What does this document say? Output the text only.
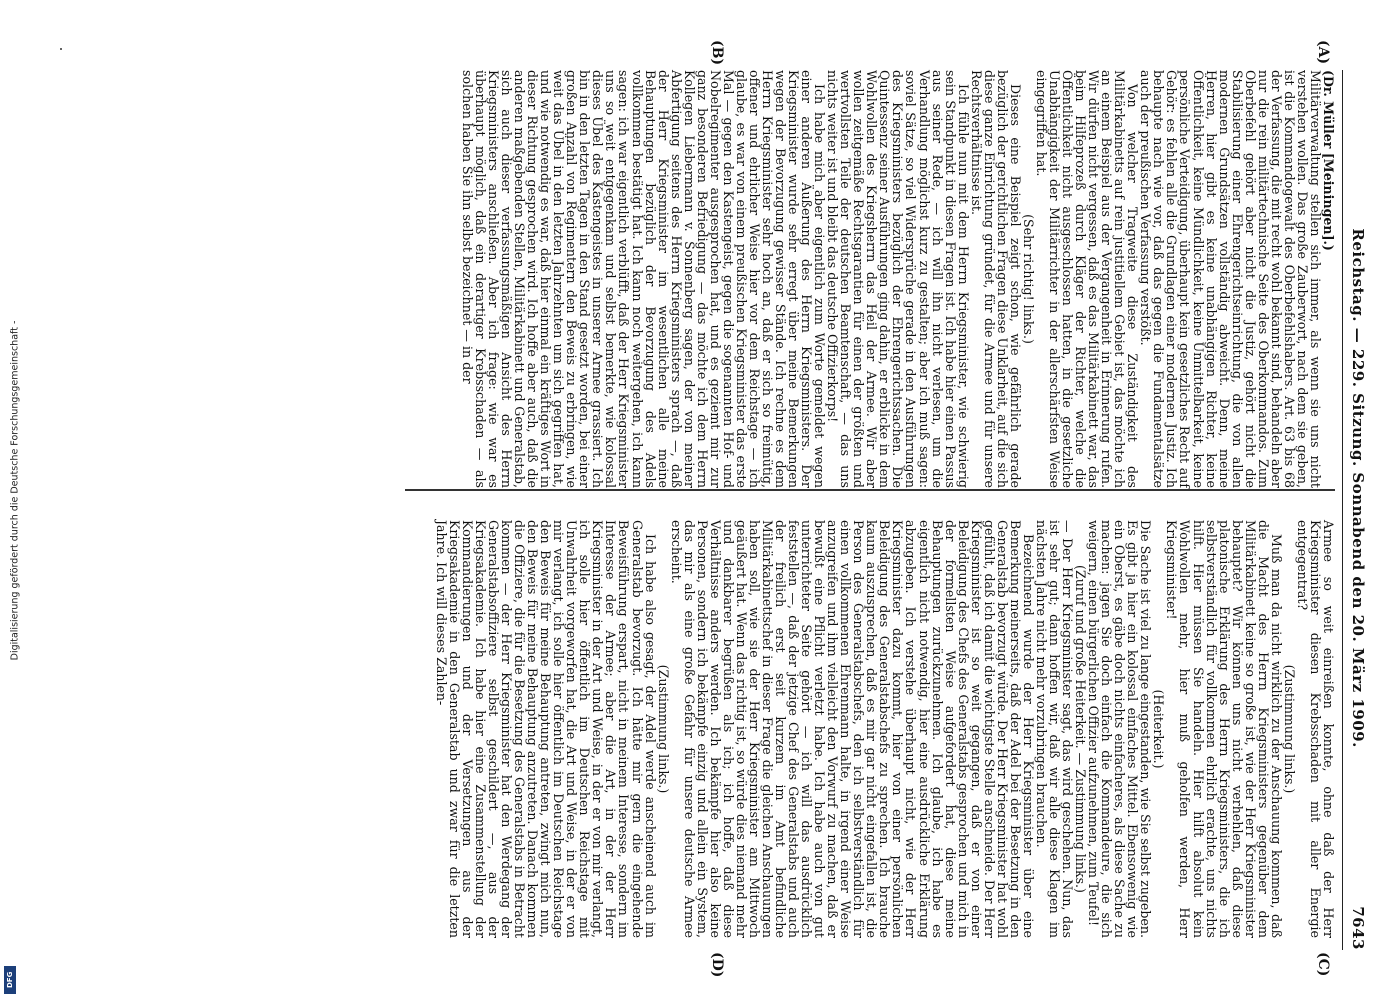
Reichstag. — 229. Sitzung. Sonnabend den 20. März 1909.
7643
(A)
(B)
(C)
(D)

(Dr. Müller [Meiningen].)

Militärverwaltung stellen sich immer, als wenn sie uns nicht verstehen wollen. Das große Zauberwort, nach dem sie geben, ist die Kommandogewalt des Oberbefehlshabers. Art. 63 bis 68 der Verfassung, die mit recht wohl bekannt sind, behandeln aber nur die rein militärtechnische Seite des Oberkommandos. Zum Oberbefehl gehört aber nicht die Justiz, gehört nicht die Stabilisierung einer Ehrengerichtseinrichtung, die von allen modernen Grundsätzen vollständig abweicht. Denn, meine Herren, hier gibt es keine unabhängigen Richter, keine Öffentlichkeit, keine Mündlichkeit, keine Unmittelbarkeit, keine persönliche Verteidigung, überhaupt kein gesetzliches Recht auf Gehör: es fehlen alle die Grundlagen einer modernen Justiz. Ich behaupte nach wie vor, daß das gegen die Fundamentalsätze auch der preußischen Verfassung verstößt.

Von welcher Tragweite diese Zuständigkeit des Militärkabinetts auf rein justitiellem Gebiet ist, das möchte ich an einem Beispiel aus der Vergangenheit in Erinnerung rufen. Wir dürfen nicht vergessen, daß es das Militärkabinett war, das beim Hilfeprozeß durch Kläger der Richter, welche die Öffentlichkeit nicht ausgeschlossen hatten, in die gesetzliche Unabhängigkeit der Militärrichter in der allerschärfsten Weise eingegriffen hat.

(Sehr richtig! links.)

Dieses eine Beispiel zeigt schon, wie gefährlich gerade bezüglich der gerichtlichen Fragen diese Unklarheit, auf die sich diese ganze Einrichtung gründet, für die Armee und für unsere Rechtsverhältnisse ist.

Ich fühle nun mit dem Herrn Kriegsminister, wie schwierig sein Standpunkt in diesen Fragen ist. Ich habe hier einen Passus aus seiner Rede, — ich will ihn nicht verlesen, um die Verhandlung möglichst kurz zu gestalten; aber ich muß sagen: soviel Sätze, so viel Widersprüche gerade in den Ausführungen des Kriegsministers bezüglich der Ehrengerichtssachen. Die Quintessenz seiner Ausführungen ging dahin, er erblicke in dem Wohlwollen des Kriegsherrn das Heil der Armee. Wir aber wollen zeitgemäße Rechtsgarantien für einen der größten und wertvollsten Teile der deutschen Beamtenschaft, — das uns nichts weiter ist und bleibt das deutsche Offizierkorps!

Ich habe mich aber eigentlich zum Worte gemeldet wegen einer anderen Äußerung des Herrn Kriegsministers. Der Kriegsminister wurde sehr erregt über meine Bemerkungen wegen der Bevorzugung gewisser Stände. Ich rechne es dem Herrn Kriegsminister sehr hoch an, daß er sich so freimütig, offener und ehrlicher Weise hier vor dem Reichstage — ich glaube, es war von einem preußischen Kriegsminister das erste Mal — gegen den Kastengeist, gegen die sogenannten Hof- und Nobelregimenter ausgesprochen hat, und es geziemt mir zur ganz besonderen Befriedigung — das möchte ich dem Herrn Kollegen Liebermann v. Sonnenberg sagen, der von meiner Abfertigung seitens des Herrn Kriegsministers sprach —, daß der Herr Kriegsminister im wesentlichen alle meine Behauptungen bezüglich der Bevorzugung des Adels vollkommen bestätigt hat. Ich kann noch weitergehen, ich kann sagen: ich war eigentlich verblüfft, daß der Herr Kriegsminister uns so weit entgegenkam und selbst bemerkte, wie kolossal dieses Übel des Kastengeistes in unserer Armee grassiert. Ich bin in den letzten Tagen in den Stand gesetzt worden, bei einer großen Anzahl von Regimentern den Beweis zu erbringen, wie weit das Übel in den letzten Jahrzehnten um sich gegriffen hat, und wie notwendig es war, daß hier einmal ein kräftiges Wort in dieser Richtung gesprochen wird. Ich hoffe aber auch, daß die anderen maßgebenden Stellen, Militärkabinett und Generalstab, sich auch dieser verfassungsmäßigen Ansicht des Herrn Kriegsministers anschließen. Aber ich frage: wie war es überhaupt möglich, daß ein derartiger Krebsschaden — als solchen haben Sie ihn selbst bezeichnet — in der

Armee so weit einreißen konnte, ohne daß der Herr Kriegsminister diesen Krebsschaden mit aller Energie entgegentrat?

(Zustimmung links.)

Muß man da nicht wirklich zu der Anschauung kommen, daß die Macht des Herrn Kriegsministers gegenüber dem Militärkabinett keine so große ist, wie der Herr Kriegsminister behauptet? Wir können uns nicht verhehlen, daß diese platonische Erklärung des Herrn Kriegsministers, die ich selbstverständlich für vollkommen ehrlich erachte, uns nichts hilft. Hier müssen Sie handeln. Hier hilft absolut kein Wohlwollen mehr, hier muß geholfen werden, Herr Kriegsminister!

(Heiterkeit.)

Die Sache ist viel zu lange eingestanden, wie Sie selbst zugeben. Es gibt ja hier ein kolossal einfaches Mittel. Ebensowenig wie ein Oberst, es gäbe doch nichts einfacheres, als diese Sache zu machen: jagen Sie doch einfach die Kommandeure, die sich weigern, einen bürgerlichen Offizier aufzunehmen, zum Teufel!

(Zuruf und große Heiterkeit. — Zustimmung links.)

— Der Herr Kriegsminister sagt, das wird geschehen. Nun, das ist sehr gut; dann hoffen wir, daß wir alle diese Klagen im nächsten Jahre nicht mehr vorzubringen brauchen.

Bezeichnend wurde der Herr Kriegsminister über eine Bemerkung meinerseits, daß der Adel bei der Besetzung in den Generalstab bevorzugt würde. Der Herr Kriegsminister hat wohl gefühlt, daß ich damit die wichtigste Stelle anschneide. Der Herr Kriegsminister ist so weit gegangen, daß er von einer Beleidigung des Chefs des Generalstabs gesprochen und mich in der formellsten Weise aufgefordert hat, diese meine Behauptungen zurückzunehmen. Ich glaube, ich habe es eigentlich nicht notwendig, hier eine ausdrückliche Erklärung abzugeben. Ich verstehe überhaupt nicht, wie der Herr Kriegsminister dazu kommt, hier von einer persönlichen Beleidigung des Generalstabschefs zu sprechen. Ich brauche kaum auszusprechen, daß es mir gar nicht eingefallen ist, die Person des Generalstabschefs, den ich selbstverständlich für einen vollkommenen Ehrenmann halte, in irgend einer Weise anzugreifen und ihm vielleicht den Vorwurf zu machen, daß er bewußt eine Pflicht verletzt habe. Ich habe auch von gut unterrichteter Seite gehört — ich will das ausdrücklich feststellen —, daß der jetzige Chef des Generalstabs und auch der freilich erst seit kurzem im Amt befindliche Militärkabinettschef in dieser Frage die gleichen Anschauungen haben soll, wie sie der Herr Kriegsminister am Mittwoch geäußert hat. Wenn das richtig ist, so würde dies niemand mehr und dankbarer begrüßen als ich; ich hoffe, daß diese Verhältnisse anders werden. Ich bekämpfe hier also keine Personen, sondern ich bekämpfe einzig und allein ein System, das mir als eine große Gefahr für unsere deutsche Armee erscheint.

(Zustimmung links.)

Ich habe also gesagt, der Adel werde anscheinend auch im Generalstab bevorzugt. Ich hätte mir gern die eingehende Beweisführung erspart, nicht in meinem Interesse, sondern im Interesse der Armee; aber die Art, in der der Herr Kriegsminister in der Art und Weise, in der er von mir verlangt, ich solle hier öffentlich im Deutschen Reichstage mit Unwahrheit vorgeworfen hat, die Art und Weise, in der er von mir verlangt, ich solle hier öffentlich im Deutschen Reichstage den Beweis für meine Behauptung antreten, zwingt mich nun, den Beweis für meine Behauptung anzutreten. Danach kommen die Offiziere, die für die Besetzung des Generalstabs in Betracht kommen — der Herr Kriegsminister hat den Werdegang der Generalstabsoffiziere selbst geschildert —, aus der Kriegsakademie. Ich habe hier eine Zusammenstellung der Kommandierungen und der Versetzungen aus der Kriegsakademie in den Generalstab und zwar für die letzten Jahre. Ich will dieses Zahlen-

Digitalisierung gefördert durch die Deutsche Forschungsgemeinschaft -
DFG
